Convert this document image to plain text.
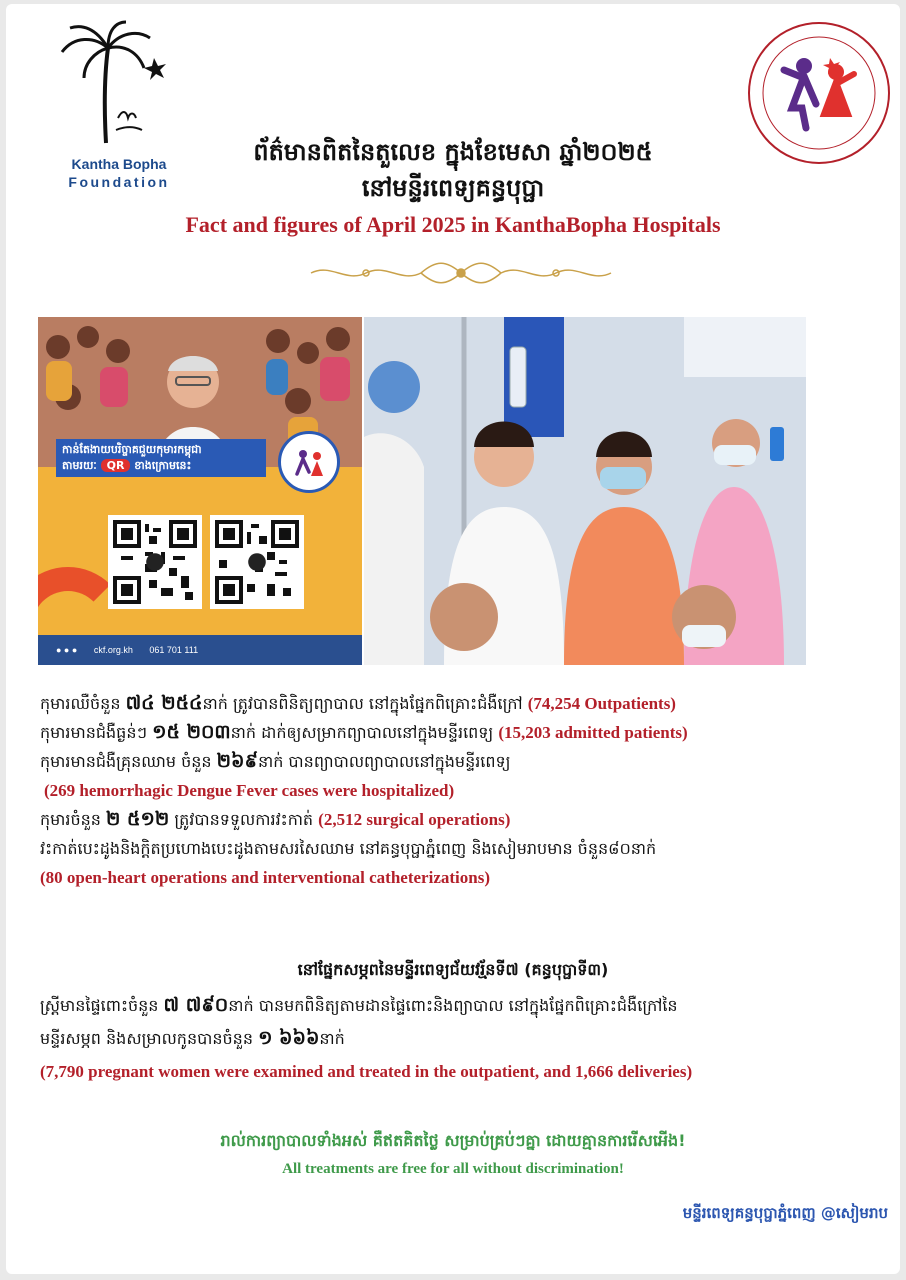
Kantha Bopha
Foundation
ព័ត៌មានពិតនៃតួលេខ ក្នុងខែមេសា ឆ្នាំ២០២៥
នៅមន្ទីរពេទ្យគន្ធបុប្ផា
Fact and figures of April 2025 in KanthaBopha Hospitals
កាន់តែងាយបរិច្ចាគជួយកុមារកម្ពុជា
តាមរយៈ QR ខាងក្រោមនេះ
● ● ● ckf.org.kh 061 701 111
កុមារឈឺចំនួន ៧៤ ២៥៤នាក់ ត្រូវបានពិនិត្យព្យាបាល នៅក្នុងផ្នែកពិគ្រោះជំងឺក្រៅ (74,254 Outpatients)
កុមារមានជំងឺធ្ងន់ៗ ១៥ ២០៣នាក់ ដាក់ឲ្យសម្រាកព្យាបាលនៅក្នុងមន្ទីរពេទ្យ (15,203 admitted patients)
កុមារមានជំងឺគ្រុនឈាម ចំនួន ២៦៩នាក់ បានព្យាបាលព្យាបាលនៅក្នុងមន្ទីរពេទ្យ
(269 hemorrhagic Dengue Fever cases were hospitalized)
កុមារចំនួន ២ ៥១២ ត្រូវបានទទួលការវះកាត់ (2,512 surgical operations)
វះកាត់បេះដូងនិងក្ដិតប្រហោងបេះដូងតាមសរសៃឈាម នៅគន្ធបុប្ផាភ្នំពេញ និងសៀមរាបមាន ចំនួន៨០នាក់
(80 open-heart operations and interventional catheterizations)
នៅផ្នែកសម្ភពនៃមន្ទីរពេទ្យជ័យវរ្ម័នទី៧ (គន្ធបុប្ផាទី៣)
ស្ត្រីមានផ្ទៃពោះចំនួន ៧ ៧៩០នាក់ បានមកពិនិត្យតាមដានផ្ទៃពោះនិងព្យាបាល នៅក្នុងផ្នែកពិគ្រោះជំងឺក្រៅនៃ
មន្ទីរសម្ភព និងសម្រាលកូនបានចំនួន ១ ៦៦៦នាក់
(7,790 pregnant women were examined and treated in the outpatient, and 1,666 deliveries)
រាល់ការព្យាបាលទាំងអស់ គឺឥតគិតថ្លៃ សម្រាប់គ្រប់ៗគ្នា ដោយគ្មានការរើសអើង!
All treatments are free for all without discrimination!
មន្ទីរពេទ្យគន្ធបុប្ផាភ្នំពេញ @សៀមរាប
